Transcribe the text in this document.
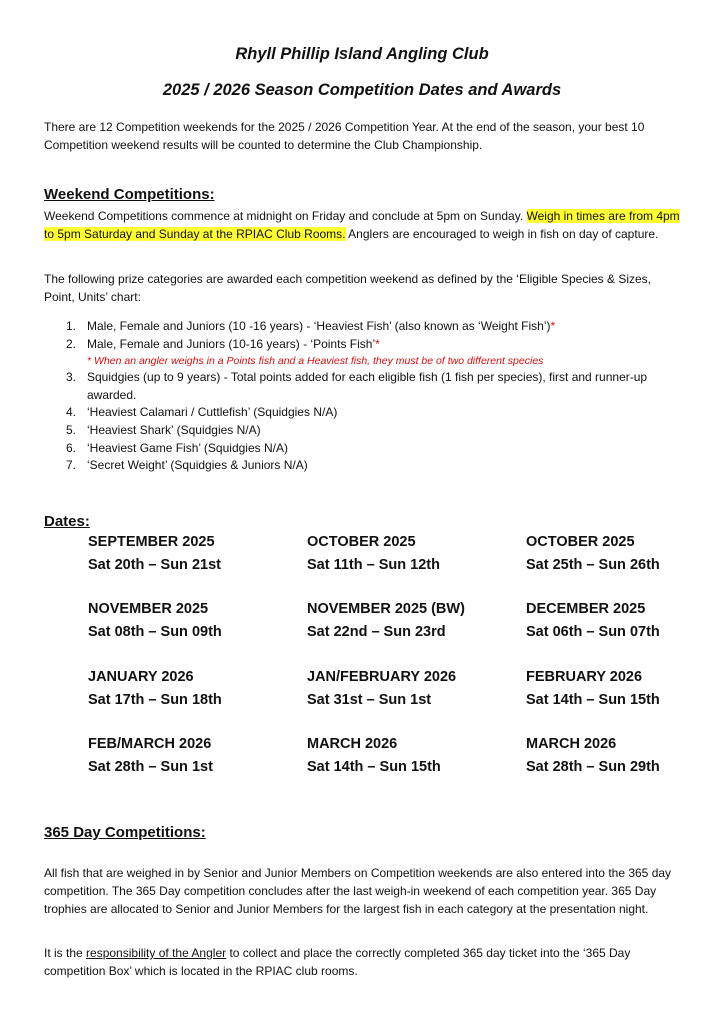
Rhyll Phillip Island Angling Club
2025 / 2026 Season Competition Dates and Awards

There are 12 Competition weekends for the 2025 / 2026 Competition Year. At the end of the season, your best 10 Competition weekend results will be counted to determine the Club Championship.

Weekend Competitions:

Weekend Competitions commence at midnight on Friday and conclude at 5pm on Sunday. Weigh in times are from 4pm to 5pm Saturday and Sunday at the RPIAC Club Rooms. Anglers are encouraged to weigh in fish on day of capture.

The following prize categories are awarded each competition weekend as defined by the ‘Eligible Species & Sizes, Point, Units’ chart:

1. Male, Female and Juniors (10 -16 years) - ‘Heaviest Fish’ (also known as ‘Weight Fish’)*
2. Male, Female and Juniors (10-16 years) - ‘Points Fish’*
* When an angler weighs in a Points fish and a Heaviest fish, they must be of two different species
3. Squidgies (up to 9 years) - Total points added for each eligible fish (1 fish per species), first and runner-up awarded.
4. ‘Heaviest Calamari / Cuttlefish’ (Squidgies N/A)
5. ‘Heaviest Shark’ (Squidgies N/A)
6. ‘Heaviest Game Fish’ (Squidgies N/A)
7. ‘Secret Weight’ (Squidgies & Juniors N/A)
Dates:
SEPTEMBER 2025
Sat 20th – Sun 21st
OCTOBER 2025
Sat 11th – Sun 12th
OCTOBER 2025
Sat 25th – Sun 26th
NOVEMBER 2025
Sat 08th – Sun 09th
NOVEMBER 2025 (BW)
Sat 22nd – Sun 23rd
DECEMBER 2025
Sat 06th – Sun 07th
JANUARY 2026
Sat 17th – Sun 18th
JAN/FEBRUARY 2026
Sat 31st – Sun 1st
FEBRUARY 2026
Sat 14th – Sun 15th
FEB/MARCH 2026
Sat 28th – Sun 1st
MARCH 2026
Sat 14th – Sun 15th
MARCH 2026
Sat 28th – Sun 29th
365 Day Competitions:

All fish that are weighed in by Senior and Junior Members on Competition weekends are also entered into the 365 day competition. The 365 Day competition concludes after the last weigh-in weekend of each competition year. 365 Day trophies are allocated to Senior and Junior Members for the largest fish in each category at the presentation night.

It is the responsibility of the Angler to collect and place the correctly completed 365 day ticket into the ‘365 Day competition Box’ which is located in the RPIAC club rooms.
